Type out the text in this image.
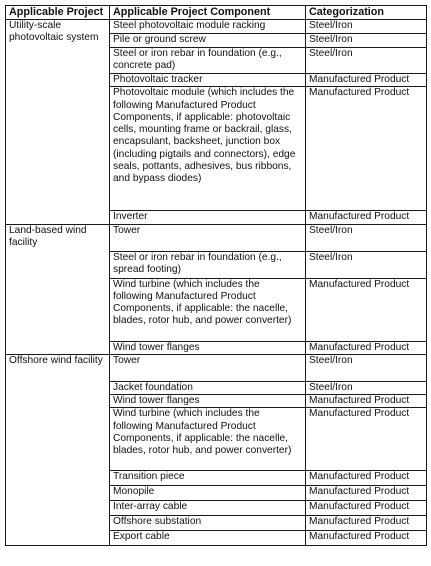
Applicable Project	Applicable Project Component	Categorization
Utility-scale photovoltaic system	Steel photovoltaic module racking	Steel/Iron
	Pile or ground screw	Steel/Iron
	Steel or iron rebar in foundation (e.g., concrete pad)	Steel/Iron
	Photovoltaic tracker	Manufactured Product
	Photovoltaic module (which includes the following Manufactured Product Components, if applicable: photovoltaic cells, mounting frame or backrail, glass, encapsulant, backsheet, junction box (including pigtails and connectors), edge seals, pottants, adhesives, bus ribbons, and bypass diodes)	Manufactured Product
	Inverter	Manufactured Product
Land-based wind facility	Tower	Steel/Iron
	Steel or iron rebar in foundation (e.g., spread footing)	Steel/Iron
	Wind turbine (which includes the following Manufactured Product Components, if applicable: the nacelle, blades, rotor hub, and power converter)	Manufactured Product
	Wind tower flanges	Manufactured Product
Offshore wind facility	Tower	Steel/Iron
	Jacket foundation	Steel/Iron
	Wind tower flanges	Manufactured Product
	Wind turbine (which includes the following Manufactured Product Components, if applicable: the nacelle, blades, rotor hub, and power converter)	Manufactured Product
	Transition piece	Manufactured Product
	Monopile	Manufactured Product
	Inter-array cable	Manufactured Product
	Offshore substation	Manufactured Product
	Export cable	Manufactured Product
